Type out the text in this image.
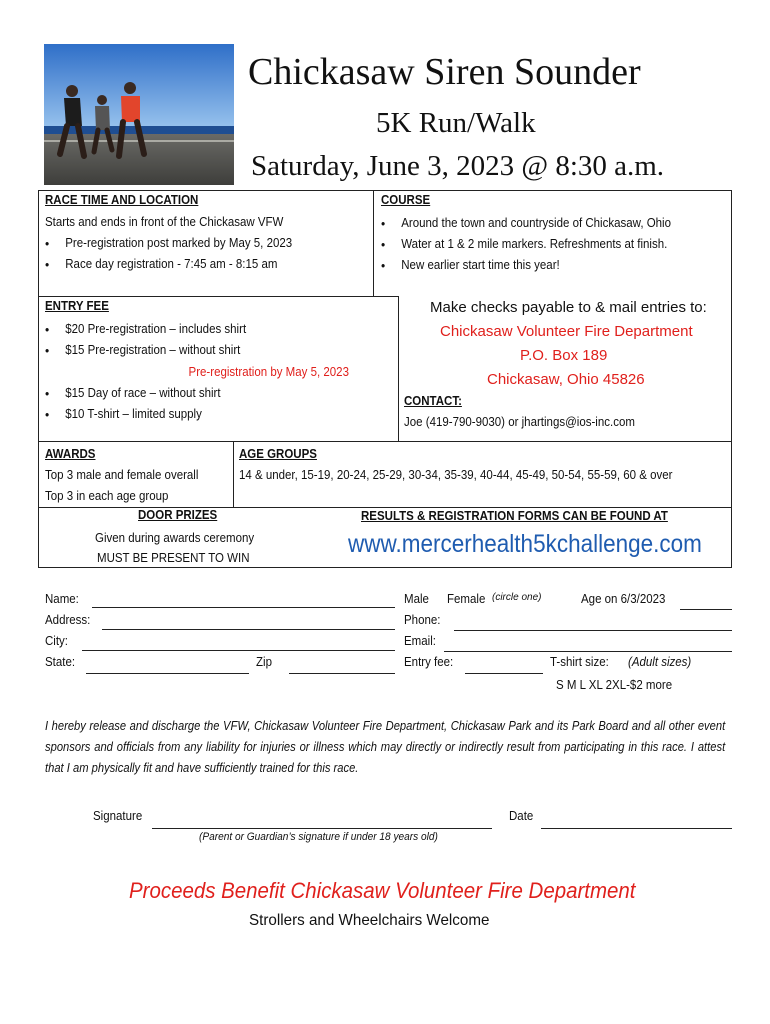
Chickasaw Siren Sounder
5K Run/Walk
Saturday, June 3, 2023 @ 8:30 a.m.
RACE TIME AND LOCATION
Starts and ends in front of the Chickasaw VFW
• Pre-registration post marked by May 5, 2023
• Race day registration - 7:45 am - 8:15 am
COURSE
• Around the town and countryside of Chickasaw, Ohio
• Water at 1 & 2 mile markers. Refreshments at finish.
• New earlier start time this year!
ENTRY FEE
• $20 Pre-registration – includes shirt
• $15 Pre-registration – without shirt
Pre-registration by May 5, 2023
• $15 Day of race – without shirt
• $10 T-shirt – limited supply
Make checks payable to & mail entries to:
Chickasaw Volunteer Fire Department
P.O. Box 189
Chickasaw, Ohio 45826
CONTACT:
Joe (419-790-9030) or jhartings@ios-inc.com
AWARDS
Top 3 male and female overall
Top 3 in each age group
AGE GROUPS
14 & under, 15-19, 20-24, 25-29, 30-34, 35-39, 40-44, 45-49, 50-54, 55-59, 60 & over
DOOR PRIZES
Given during awards ceremony
MUST BE PRESENT TO WIN
RESULTS & REGISTRATION FORMS CAN BE FOUND AT
www.mercerhealth5kchallenge.com
Name:
Address:
City:
State:	Zip
Male Female (circle one)	Age on 6/3/2023
Phone:
Email:
Entry fee:	T-shirt size: (Adult sizes)
S M L XL 2XL-$2 more
I hereby release and discharge the VFW, Chickasaw Volunteer Fire Department, Chickasaw Park and its Park Board and all other event sponsors and officials from any liability for injuries or illness which may directly or indirectly result from participating in this race. I attest that I am physically fit and have sufficiently trained for this race.
Signature	Date
(Parent or Guardian’s signature if under 18 years old)
Proceeds Benefit Chickasaw Volunteer Fire Department
Strollers and Wheelchairs Welcome
